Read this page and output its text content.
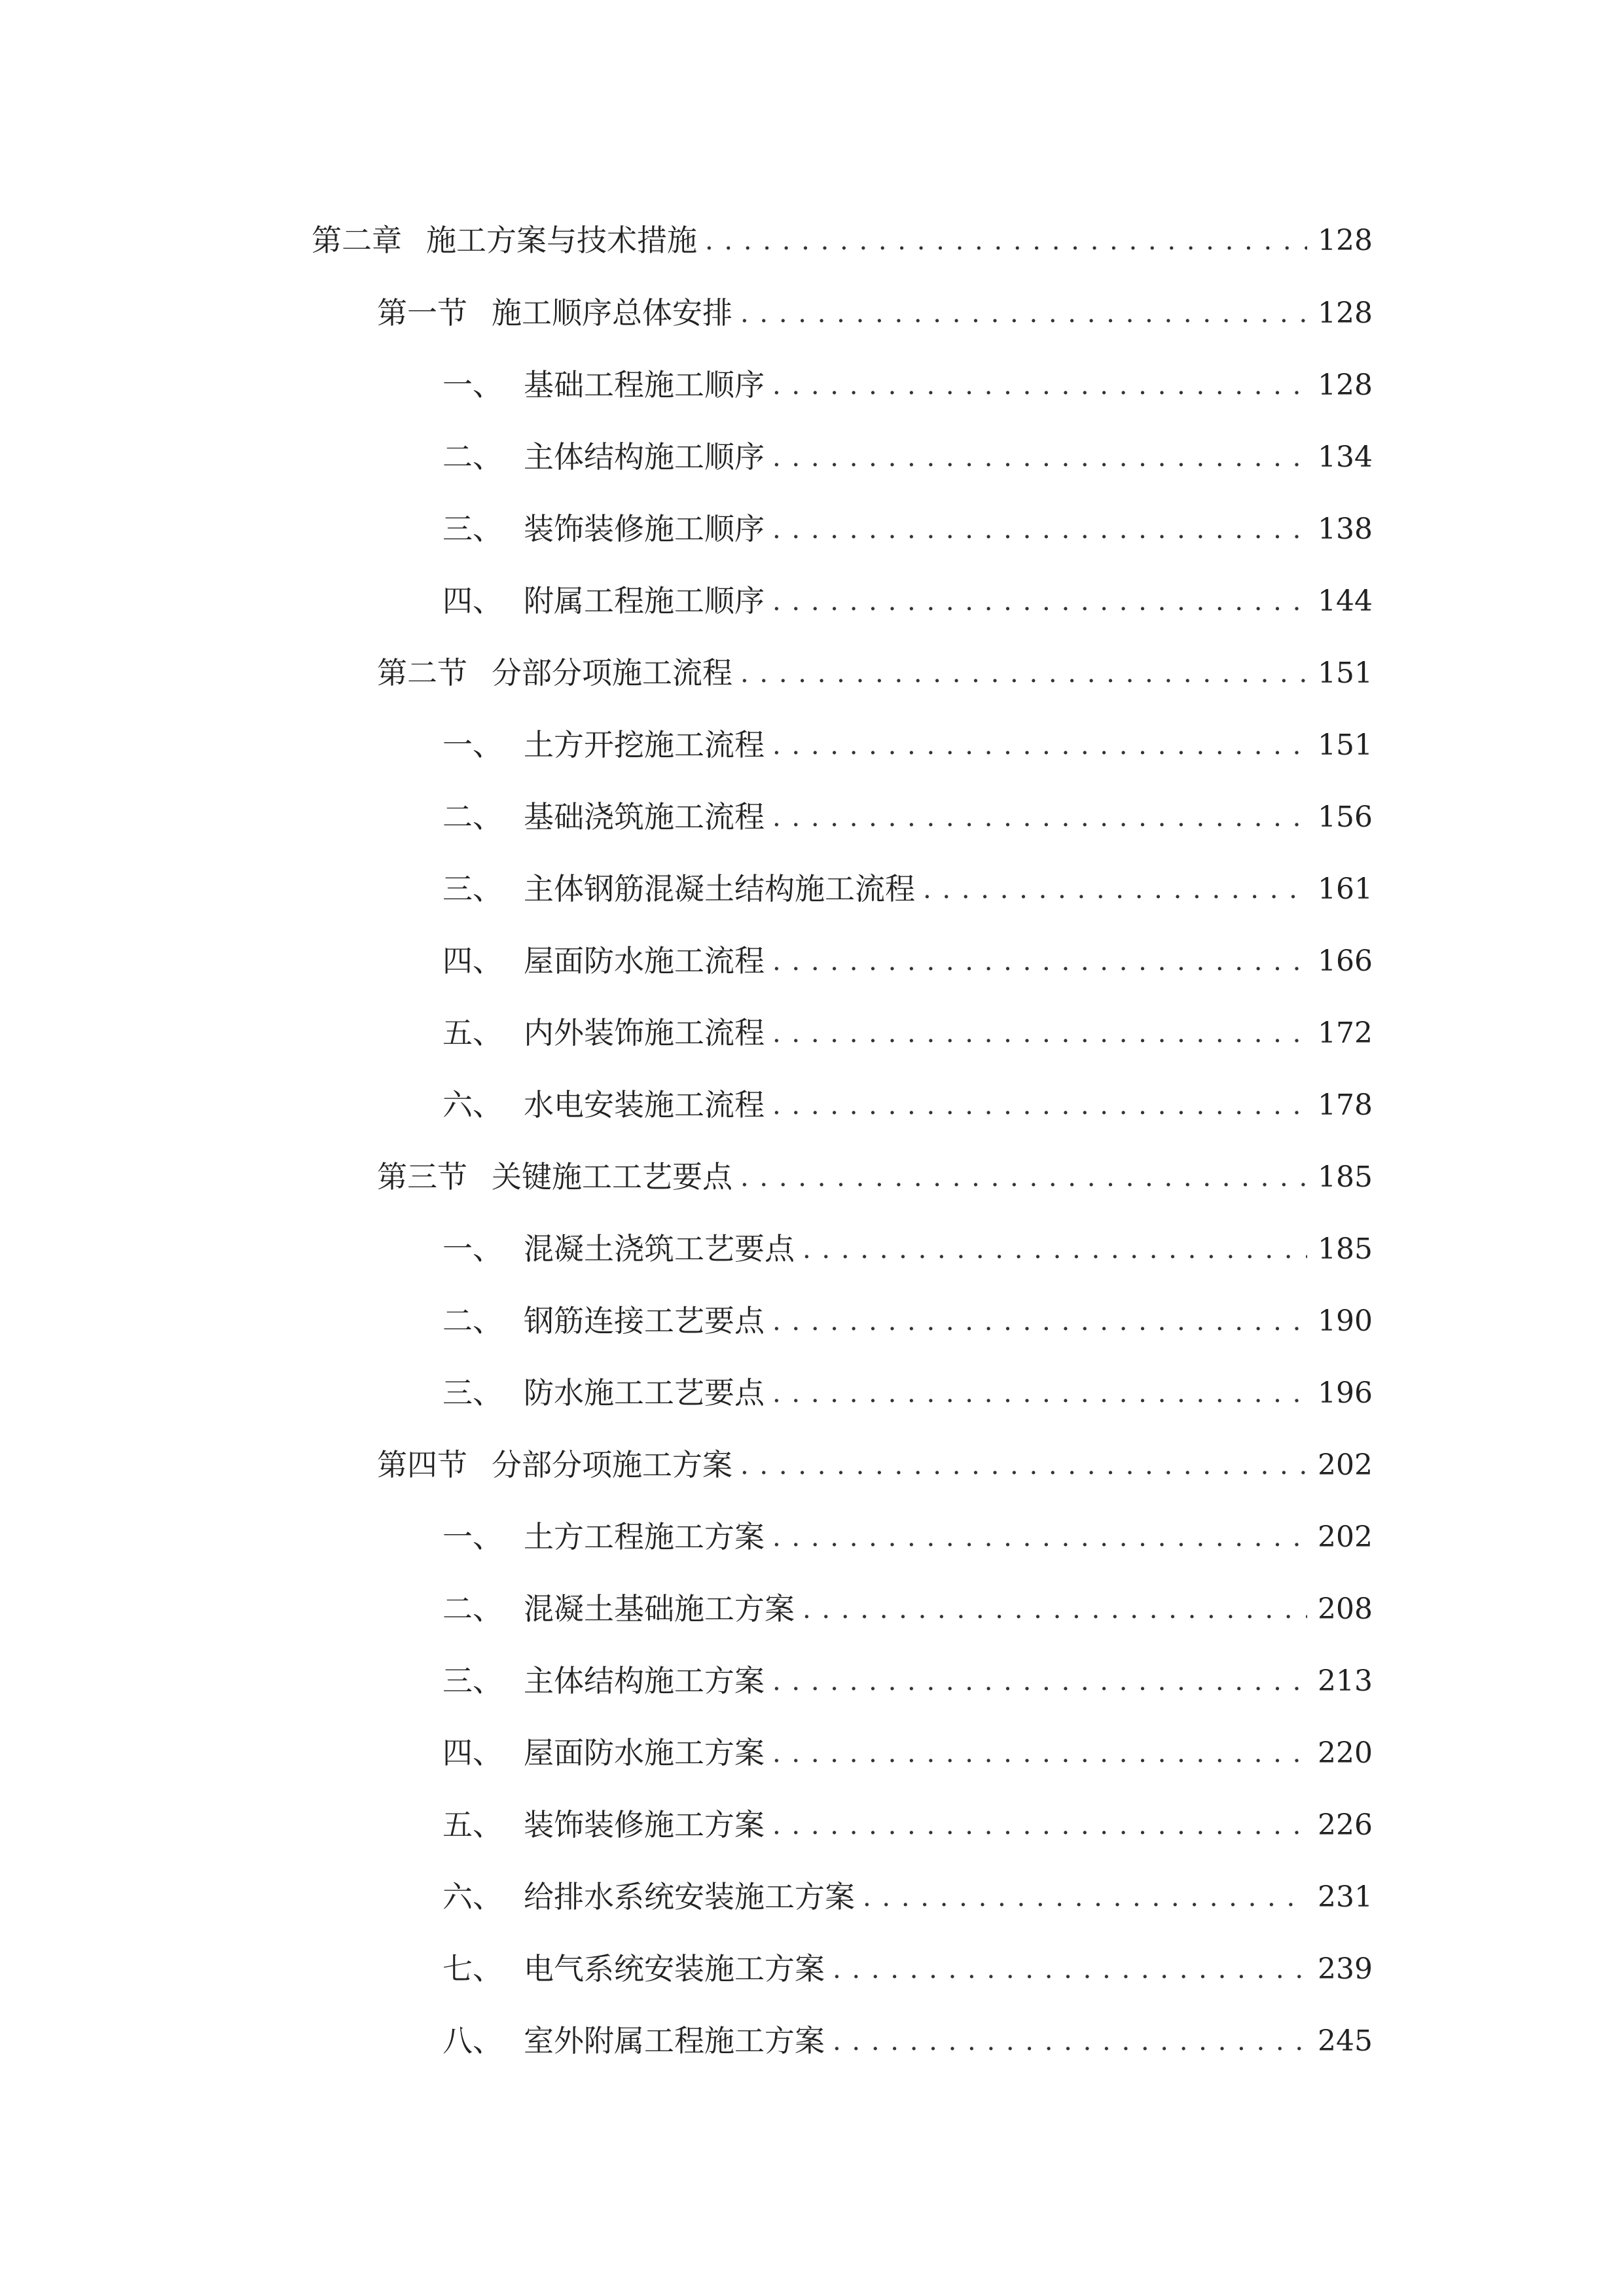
第二章 施工方案与技术措施 . . .	128
第一节 施工顺序总体安排 . . .	128
一、 基础工程施工顺序 . . .	128
二、 主体结构施工顺序 . . .	134
三、 装饰装修施工顺序 . . .	138
四、 附属工程施工顺序 . . .	144
第二节 分部分项施工流程 . . .	151
一、 土方开挖施工流程 . . .	151
二、 基础浇筑施工流程 . . .	156
三、 主体钢筋混凝土结构施工流程 . . .	161
四、 屋面防水施工流程 . . .	166
五、 内外装饰施工流程 . . .	172
六、 水电安装施工流程 . . .	178
第三节 关键施工工艺要点 . . .	185
一、 混凝土浇筑工艺要点 . . .	185
二、 钢筋连接工艺要点 . . .	190
三、 防水施工工艺要点 . . .	196
第四节 分部分项施工方案 . . .	202
一、 土方工程施工方案 . . .	202
二、 混凝土基础施工方案 . . .	208
三、 主体结构施工方案 . . .	213
四、 屋面防水施工方案 . . .	220
五、 装饰装修施工方案 . . .	226
六、 给排水系统安装施工方案 . . .	231
七、 电气系统安装施工方案 . . .	239
八、 室外附属工程施工方案 . . .	245
